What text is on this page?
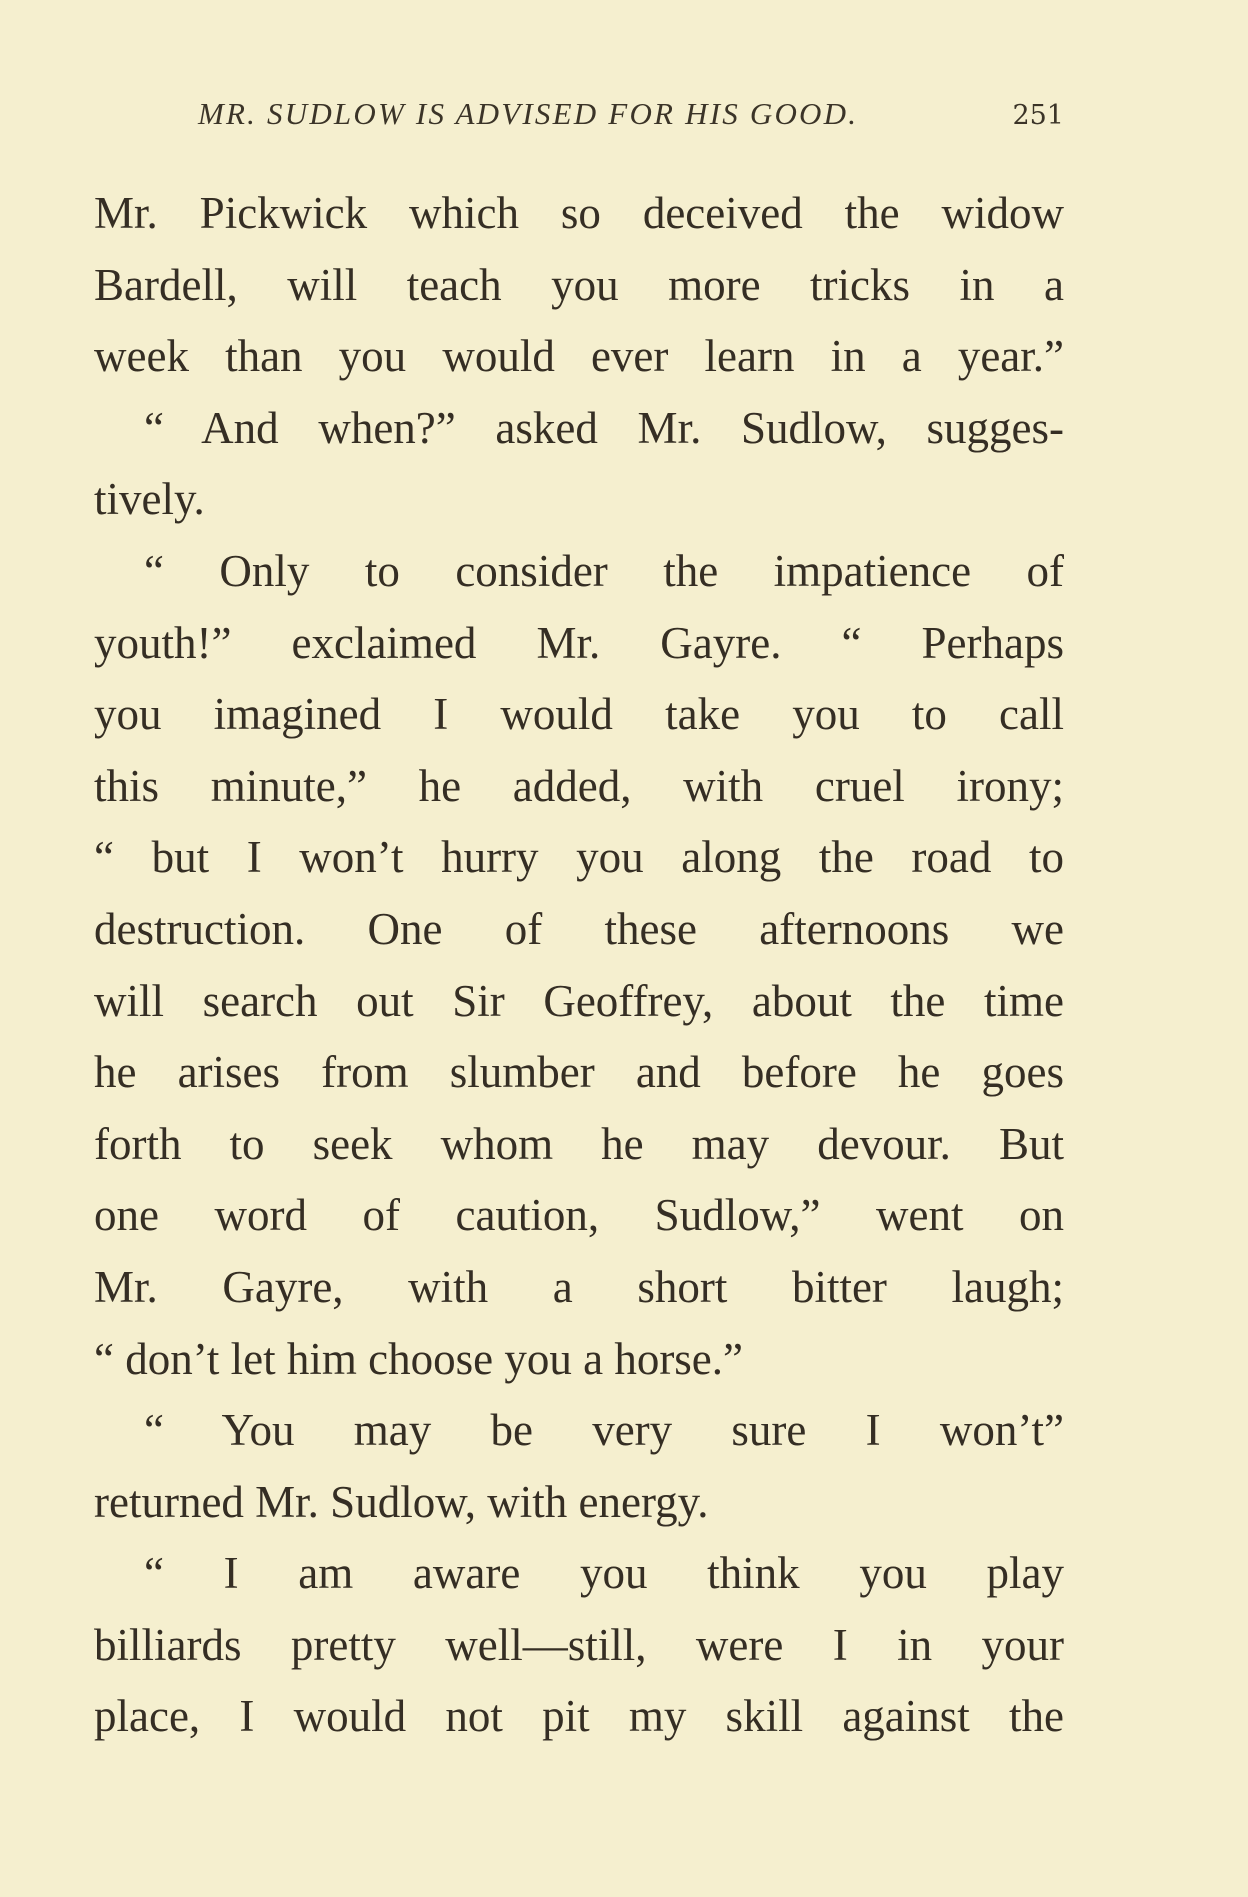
MR. SUDLOW IS ADVISED FOR HIS GOOD.	251
Mr. Pickwick which so deceived the widow
Bardell, will teach you more tricks in a
week than you would ever learn in a year.”
“ And when?” asked Mr. Sudlow, sugges-
tively.
“ Only to consider the impatience of
youth!” exclaimed Mr. Gayre. “ Perhaps
you imagined I would take you to call
this minute,” he added, with cruel irony;
“ but I won’t hurry you along the road to
destruction. One of these afternoons we
will search out Sir Geoffrey, about the time
he arises from slumber and before he goes
forth to seek whom he may devour. But
one word of caution, Sudlow,” went on
Mr. Gayre, with a short bitter laugh;
“ don’t let him choose you a horse.”
“ You may be very sure I won’t”
returned Mr. Sudlow, with energy.
“ I am aware you think you play
billiards pretty well—still, were I in your
place, I would not pit my skill against the
